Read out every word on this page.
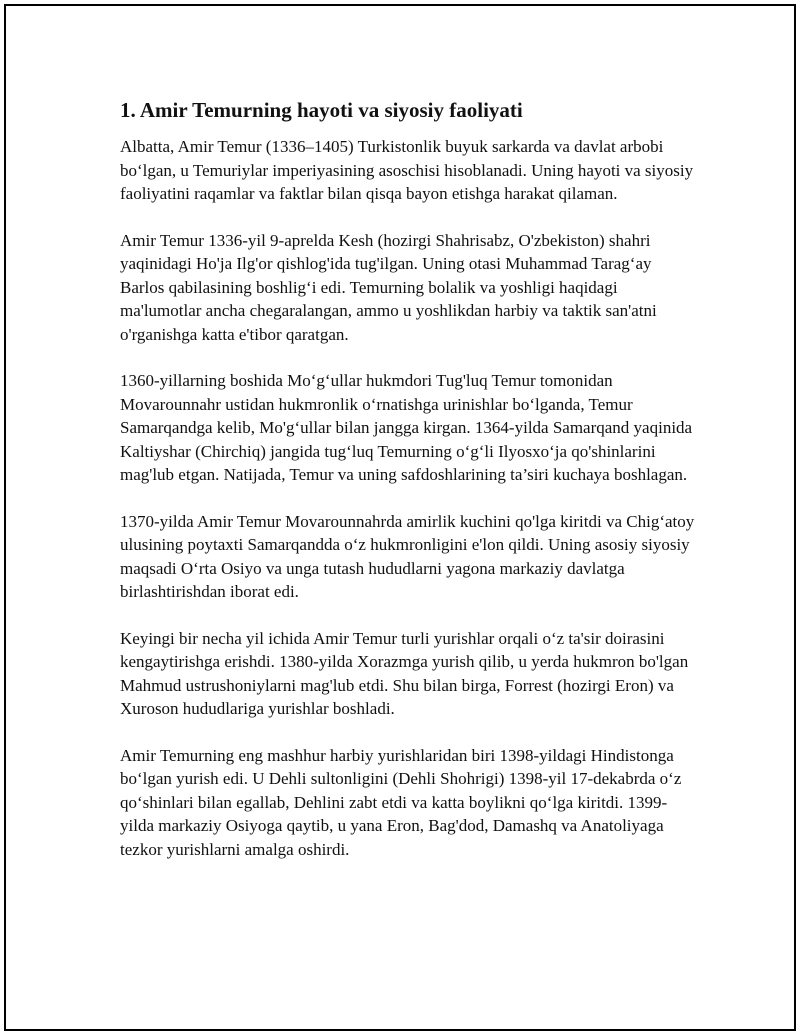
1. Amir Temurning hayoti va siyosiy faoliyati

Albatta, Amir Temur (1336–1405) Turkistonlik buyuk sarkarda va davlat arbobi bo‘lgan, u Temuriylar imperiyasining asoschisi hisoblanadi. Uning hayoti va siyosiy faoliyatini raqamlar va faktlar bilan qisqa bayon etishga harakat qilaman.

Amir Temur 1336-yil 9-aprelda Kesh (hozirgi Shahrisabz, O'zbekiston) shahri yaqinidagi Ho'ja Ilg'or qishlog'ida tug'ilgan. Uning otasi Muhammad Tarag‘ay Barlos qabilasining boshlig‘i edi. Temurning bolalik va yoshligi haqidagi ma'lumotlar ancha chegaralangan, ammo u yoshlikdan harbiy va taktik san'atni o'rganishga katta e'tibor qaratgan.

1360-yillarning boshida Mo‘g‘ullar hukmdori Tug'luq Temur tomonidan Movarounnahr ustidan hukmronlik o‘rnatishga urinishlar bo‘lganda, Temur Samarqandga kelib, Mo'g‘ullar bilan jangga kirgan. 1364-yilda Samarqand yaqinida Kaltiyshar (Chirchiq) jangida tug‘luq Temurning o‘g‘li Ilyosxo‘ja qo'shinlarini mag'lub etgan. Natijada, Temur va uning safdoshlarining ta’siri kuchaya boshlagan.

1370-yilda Amir Temur Movarounnahrda amirlik kuchini qo'lga kiritdi va Chig‘atoy ulusining poytaxti Samarqandda o‘z hukmronligini e'lon qildi. Uning asosiy siyosiy maqsadi O‘rta Osiyo va unga tutash hududlarni yagona markaziy davlatga birlashtirishdan iborat edi.

Keyingi bir necha yil ichida Amir Temur turli yurishlar orqali o‘z ta'sir doirasini kengaytirishga erishdi. 1380-yilda Xorazmga yurish qilib, u yerda hukmron bo'lgan Mahmud ustrushoniylarni mag'lub etdi. Shu bilan birga, Forrest (hozirgi Eron) va Xuroson hududlariga yurishlar boshladi.

Amir Temurning eng mashhur harbiy yurishlaridan biri 1398-yildagi Hindistonga bo‘lgan yurish edi. U Dehli sultonligini (Dehli Shohrigi) 1398-yil 17-dekabrda o‘z qo‘shinlari bilan egallab, Dehlini zabt etdi va katta boylikni qo‘lga kiritdi. 1399-yilda markaziy Osiyoga qaytib, u yana Eron, Bag'dod, Damashq va Anatoliyaga tezkor yurishlarni amalga oshirdi.
